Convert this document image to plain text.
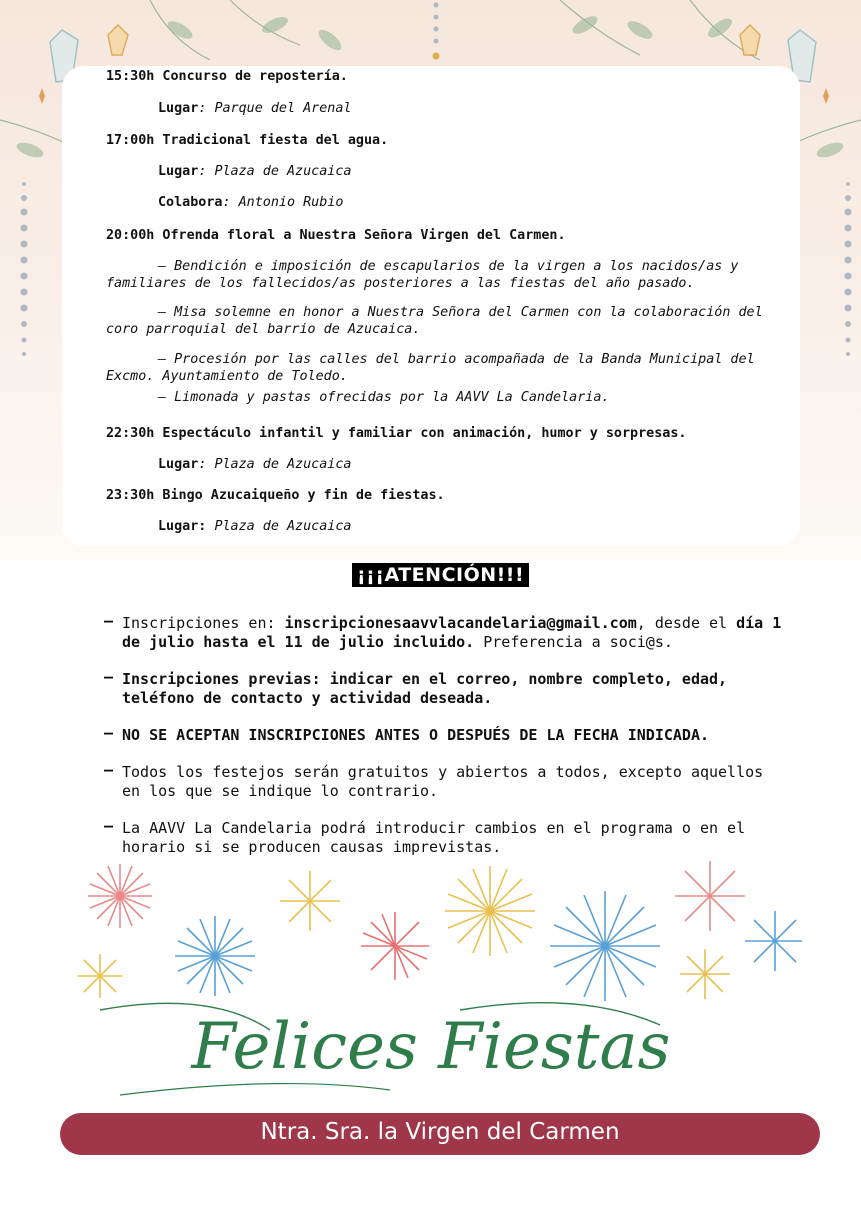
15:30h Concurso de repostería.
Lugar: Parque del Arenal
17:00h Tradicional fiesta del agua.
Lugar: Plaza de Azucaica
Colabora: Antonio Rubio
20:00h Ofrenda floral a Nuestra Señora Virgen del Carmen.
– Bendición e imposición de escapularios de la virgen a los nacidos/as y familiares de los fallecidos/as posteriores a las fiestas del año pasado.
– Misa solemne en honor a Nuestra Señora del Carmen con la colaboración del coro parroquial del barrio de Azucaica.
– Procesión por las calles del barrio acompañada de la Banda Municipal del Excmo. Ayuntamiento de Toledo.
– Limonada y pastas ofrecidas por la AAVV La Candelaria.
22:30h Espectáculo infantil y familiar con animación, humor y sorpresas.
Lugar: Plaza de Azucaica
23:30h Bingo Azucaiqueño y fin de fiestas.
Lugar: Plaza de Azucaica
¡¡¡ATENCIÓN!!!
– Inscripciones en: inscripcionesaavvlacandelaria@gmail.com, desde el día 1 de julio hasta el 11 de julio incluido. Preferencia a soci@s.
– Inscripciones previas: indicar en el correo, nombre completo, edad, teléfono de contacto y actividad deseada.
– NO SE ACEPTAN INSCRIPCIONES ANTES O DESPUÉS DE LA FECHA INDICADA.
– Todos los festejos serán gratuitos y abiertos a todos, excepto aquellos en los que se indique lo contrario.
– La AAVV La Candelaria podrá introducir cambios en el programa o en el horario si se producen causas imprevistas.
Felices Fiestas
Ntra. Sra. la Virgen del Carmen
